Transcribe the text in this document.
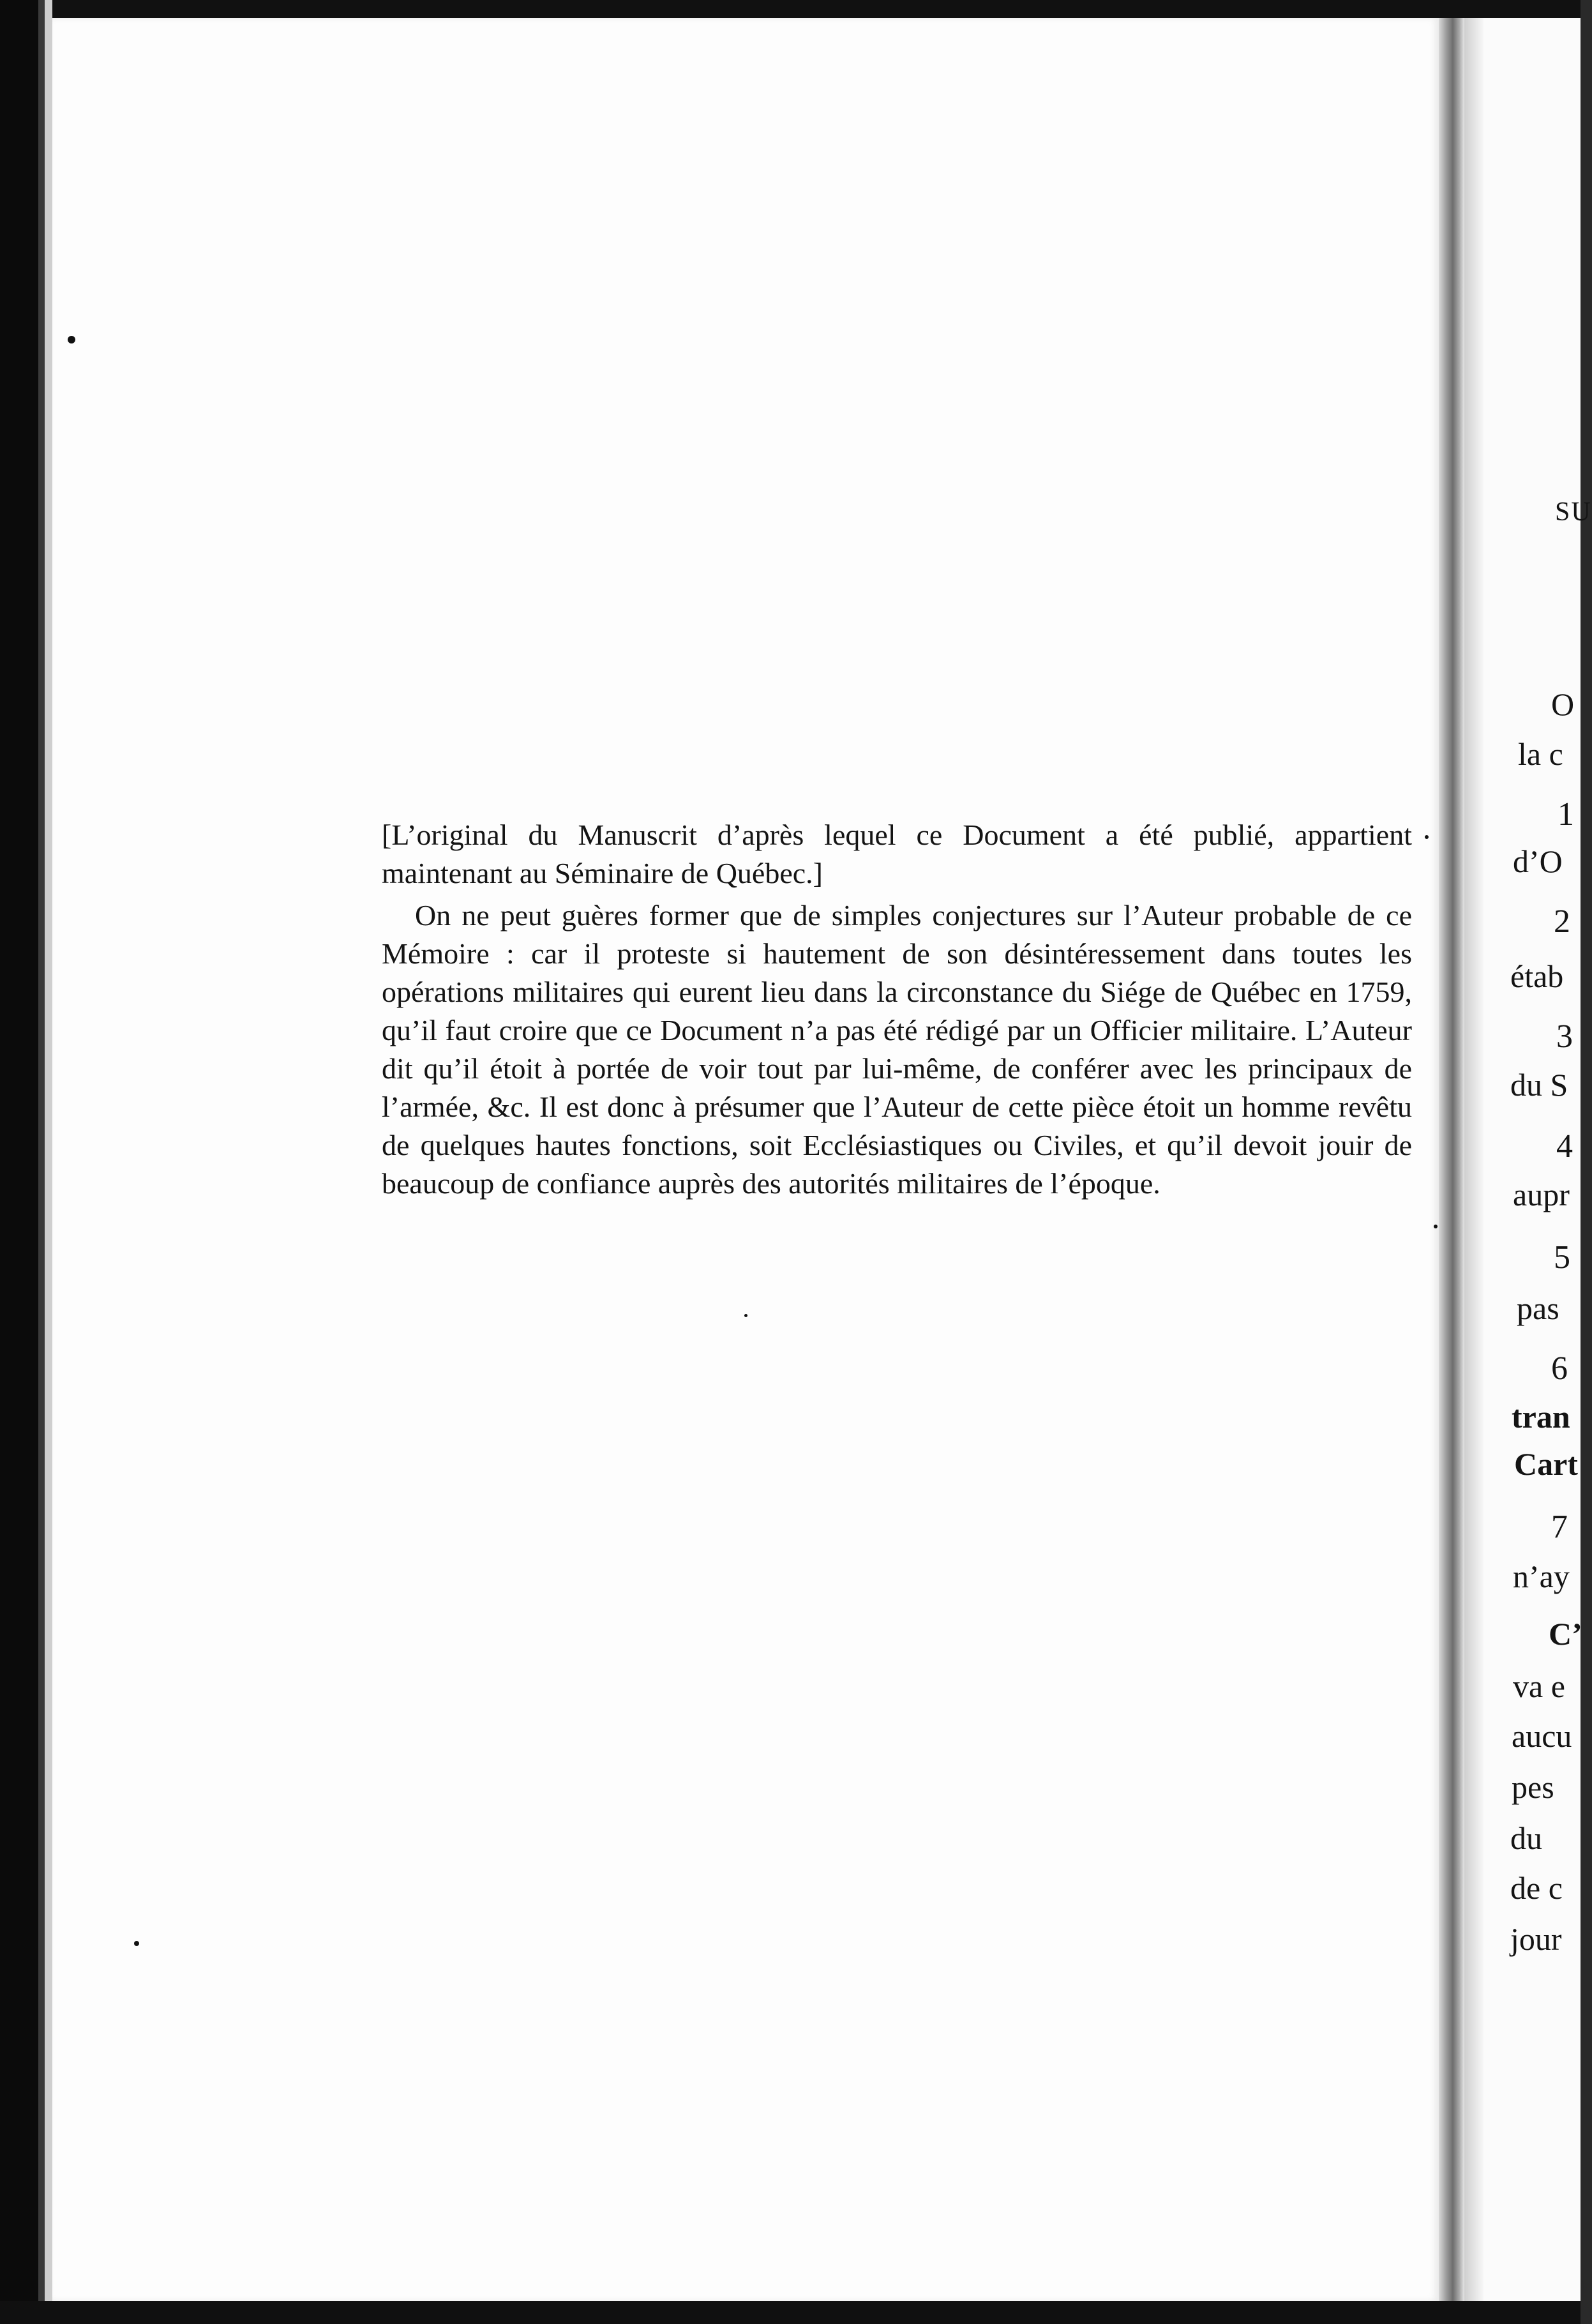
[L’original du Manuscrit d’après lequel ce Document a été publié, appartient maintenant au Séminaire de Québec.]

On ne peut guères former que de simples conjectures sur l’Auteur probable de ce Mémoire : car il proteste si hautement de son désintéressement dans toutes les opérations militaires qui eurent lieu dans la circonstance du Siége de Québec en 1759, qu’il faut croire que ce Document n’a pas été rédigé par un Officier militaire. L’Auteur dit qu’il étoit à portée de voir tout par lui-même, de conférer avec les principaux de l’armée, &c. Il est donc à présumer que l’Auteur de cette pièce étoit un homme revêtu de quelques hautes fonctions, soit Ecclésiastiques ou Civiles, et qu’il devoit jouir de beaucoup de confiance auprès des autorités militaires de l’époque.

SU
O
la c
1
d’O
2
étab
3
du S
4
aupr
5
pas
6
tran
Cart
7
n’ay
C’
va e
aucu
pes
du
de c
jour
